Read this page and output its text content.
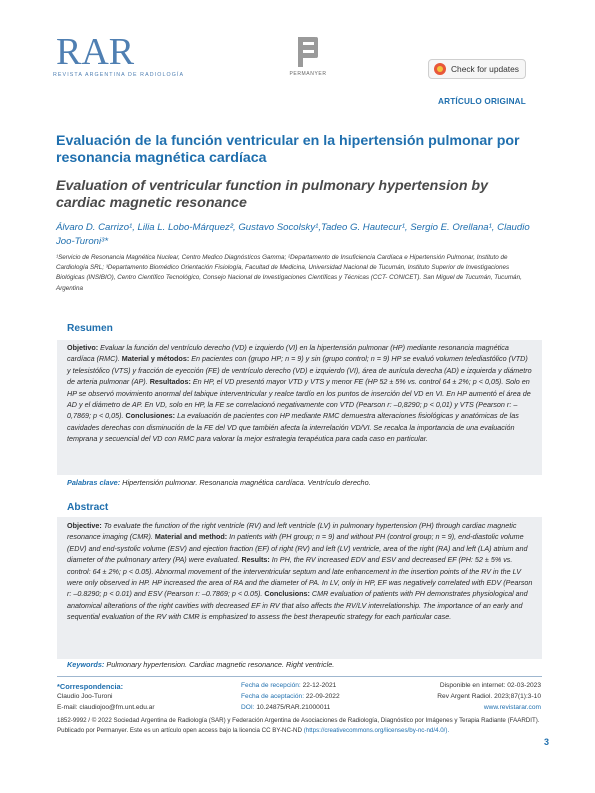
RAR
REVISTA ARGENTINA DE RADIOLOGÍA	PERMANYER	Check for updates
ARTÍCULO ORIGINAL
Evaluación de la función ventricular en la hipertensión pulmonar por resonancia magnética cardíaca
Evaluation of ventricular function in pulmonary hypertension by cardiac magnetic resonance
Álvaro D. Carrizo¹, Lilia L. Lobo-Márquez², Gustavo Socolsky¹,Tadeo G. Hautecur¹, Sergio E. Orellana¹, Claudio Joo-Turoni³*
¹Servicio de Resonancia Magnética Nuclear, Centro Medico Diagnósticos Gamma; ²Departamento de Insuficiencia Cardíaca e Hipertensión Pulmonar, Instituto de Cardiología SRL; ³Departamento Biomédico Orientación Fisiología, Facultad de Medicina, Universidad Nacional de Tucumán, Instituto Superior de Investigaciones Biológicas (INSIBIO), Centro Científico Tecnológico, Consejo Nacional de Investigaciones Científicas y Técnicas (CCT- CONICET). San Miguel de Tucumán, Tucumán, Argentina
Resumen
Objetivo: Evaluar la función del ventrículo derecho (VD) e izquierdo (VI) en la hipertensión pulmonar (HP) mediante resonancia magnética cardíaca (RMC). Material y métodos: En pacientes con (grupo HP; n = 9) y sin (grupo control; n = 9) HP se evaluó volumen telediastólico (VTD) y telesistólico (VTS) y fracción de eyección (FE) de ventrículo derecho (VD) e izquierdo (VI), área de aurícula derecha (AD) e izquierda y diámetro de arteria pulmonar (AP). Resultados: En HP, el VD presentó mayor VTD y VTS y menor FE (HP 52 ± 5% vs. control 64 ± 2%; p < 0,05). Solo en HP se observó movimiento anormal del tabique interventricular y realce tardío en los puntos de inserción del VD en VI. En HP aumentó el área de AD y el diámetro de AP. En VD, solo en HP, la FE se correlacionó negativamente con VTD (Pearson r: –0,8290; p < 0,01) y VTS (Pearson r: –0,7869; p < 0,05). Conclusiones: La evaluación de pacientes con HP mediante RMC demuestra alteraciones fisiológicas y anatómicas de las cavidades derechas con disminución de la FE del VD que también afecta la interrelación VD/VI. Se recalca la importancia de una evaluación temprana y secuencial del VD con RMC para valorar la mejor estrategia terapéutica para cada caso en particular.
Palabras clave: Hipertensión pulmonar. Resonancia magnética cardíaca. Ventrículo derecho.
Abstract
Objective: To evaluate the function of the right ventricle (RV) and left ventricle (LV) in pulmonary hypertension (PH) through cardiac magnetic resonance imaging (CMR). Material and method: In patients with (PH group; n = 9) and without PH (control group; n = 9), end-diastolic volume (EDV) and end-systolic volume (ESV) and ejection fraction (EF) of right (RV) and left (LV) ventricle, area of the right (RA) and left (LA) atrium and diameter of the pulmonary artery (PA) were evaluated. Results: In PH, the RV increased EDV and ESV and decreased EF (PH: 52 ± 5% vs. control: 64 ± 2%; p < 0.05). Abnormal movement of the interventricular septum and late enhancement in the insertion points of the RV in the LV were only observed in HP. HP increased the area of RA and the diameter of PA. In LV, only in HP, EF was negatively correlated with EDV (Pearson r: –0.8290; p < 0.01) and ESV (Pearson r: –0.7869; p < 0.05). Conclusions: CMR evaluation of patients with PH demonstrates physiological and anatomical alterations of the right cavities with decreased EF in RV that also affects the RV/LV interrelationship. The importance of an early and sequential evaluation of the RV with CMR is emphasized to assess the best therapeutic strategy for each particular case.
Keywords: Pulmonary hypertension. Cardiac magnetic resonance. Right ventricle.
*Correspondencia:
Claudio Joo-Turoni
E-mail: claudiojoo@fm.unt.edu.ar
Fecha de recepción: 22-12-2021
Fecha de aceptación: 22-09-2022
DOI: 10.24875/RAR.21000011
Disponible en internet: 02-03-2023
Rev Argent Radiol. 2023;87(1):3-10
www.revistarar.com
1852-9992 / © 2022 Sociedad Argentina de Radiología (SAR) y Federación Argentina de Asociaciones de Radiología, Diagnóstico por Imágenes y Terapia Radiante (FAARDIT). Publicado por Permanyer. Este es un artículo open access bajo la licencia CC BY-NC-ND (https://creativecommons.org/licenses/by-nc-nd/4.0/).
3
